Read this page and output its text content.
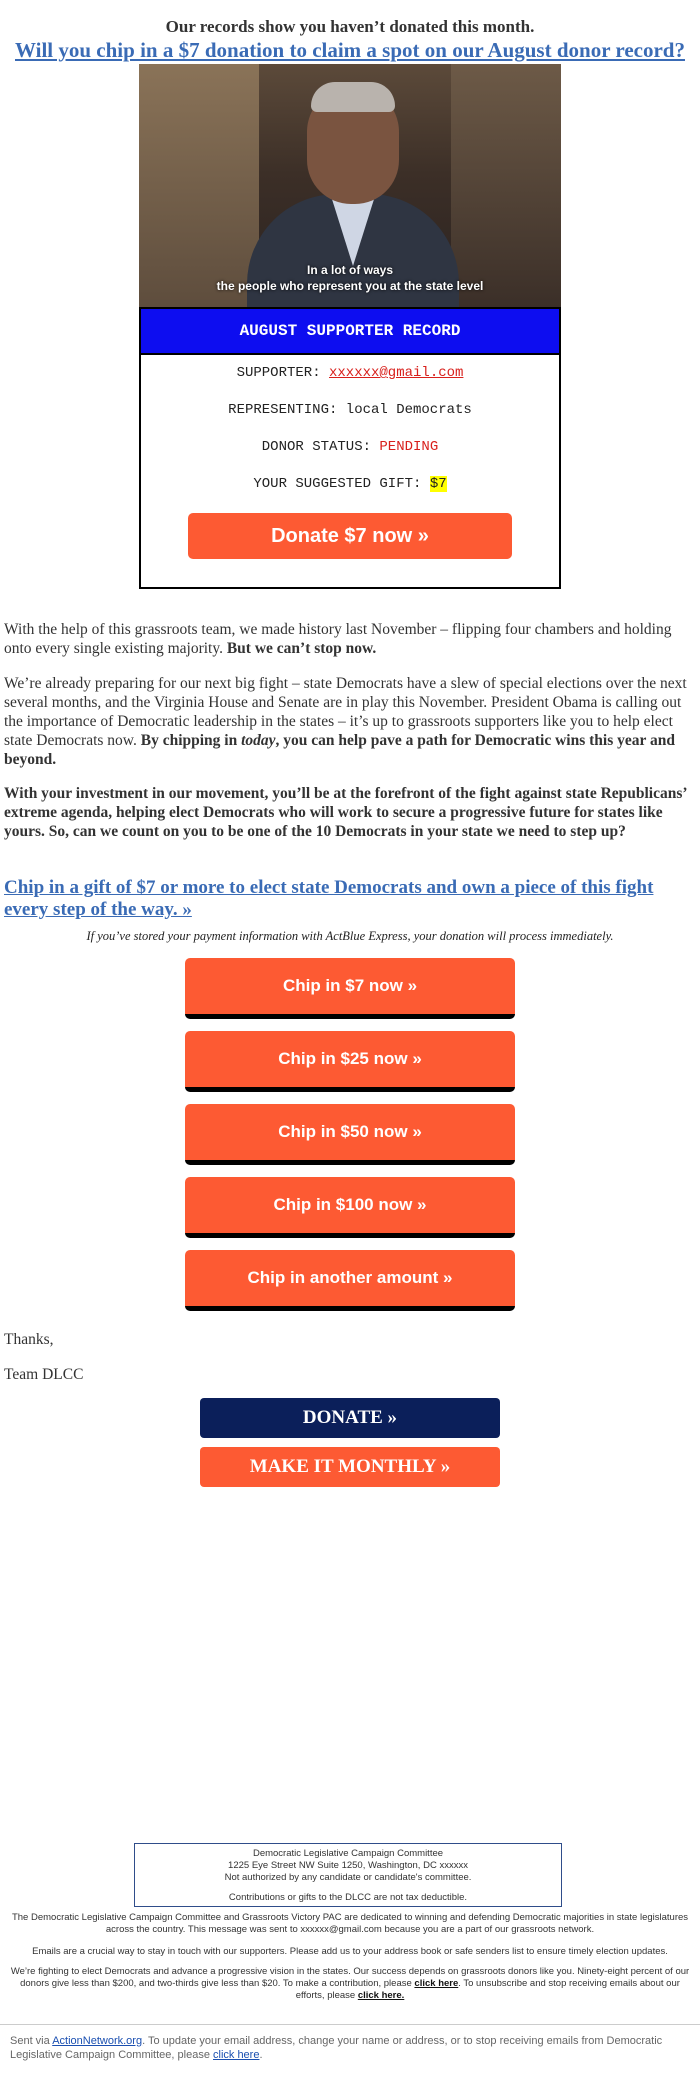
Our records show you haven’t donated this month.
Will you chip in a $7 donation to claim a spot on our August donor record?
In a lot of ways
the people who represent you at the state level
AUGUST SUPPORTER RECORD
SUPPORTER: xxxxxx@gmail.com
REPRESENTING: local Democrats
DONOR STATUS: PENDING
YOUR SUGGESTED GIFT: $7
Donate $7 now »

With the help of this grassroots team, we made history last November – flipping four chambers and holding onto every single existing majority. But we can’t stop now.

We’re already preparing for our next big fight – state Democrats have a slew of special elections over the next several months, and the Virginia House and Senate are in play this November. President Obama is calling out the importance of Democratic leadership in the states – it’s up to grassroots supporters like you to help elect state Democrats now. By chipping in today, you can help pave a path for Democratic wins this year and beyond.

With your investment in our movement, you’ll be at the forefront of the fight against state Republicans’ extreme agenda, helping elect Democrats who will work to secure a progressive future for states like yours. So, can we count on you to be one of the 10 Democrats in your state we need to step up?

Chip in a gift of $7 or more to elect state Democrats and own a piece of this fight every step of the way. »
If you’ve stored your payment information with ActBlue Express, your donation will process immediately.
Chip in $7 now »
Chip in $25 now »
Chip in $50 now »
Chip in $100 now »
Chip in another amount »
Thanks,
Team DLCC
DONATE »
MAKE IT MONTHLY »
Democratic Legislative Campaign Committee
1225 Eye Street NW Suite 1250, Washington, DC xxxxxx
Not authorized by any candidate or candidate's committee.
Contributions or gifts to the DLCC are not tax deductible.
The Democratic Legislative Campaign Committee and Grassroots Victory PAC are dedicated to winning and defending Democratic majorities in state legislatures across the country. This message was sent to xxxxxx@gmail.com because you are a part of our grassroots network.
Emails are a crucial way to stay in touch with our supporters. Please add us to your address book or safe senders list to ensure timely election updates.
We’re fighting to elect Democrats and advance a progressive vision in the states. Our success depends on grassroots donors like you. Ninety-eight percent of our donors give less than $200, and two-thirds give less than $20. To make a contribution, please click here. To unsubscribe and stop receiving emails about our efforts, please click here.
Sent via ActionNetwork.org. To update your email address, change your name or address, or to stop receiving emails from Democratic Legislative Campaign Committee, please click here.
